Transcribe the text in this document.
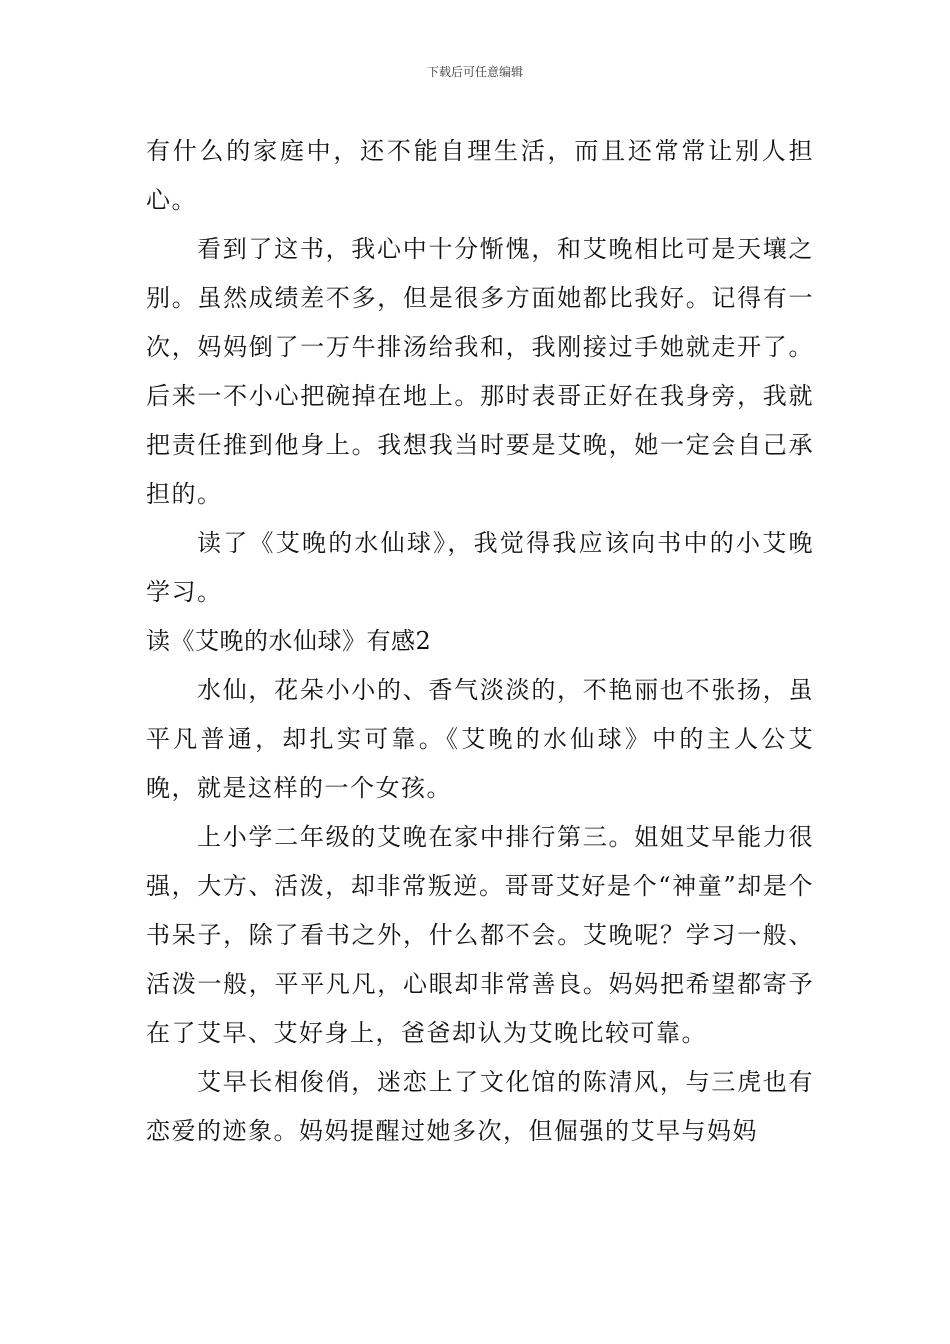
下载后可任意编辑

有什么的家庭中，还不能自理生活，而且还常常让别人担心。

看到了这书，我心中十分惭愧，和艾晚相比可是天壤之别。虽然成绩差不多，但是很多方面她都比我好。记得有一次，妈妈倒了一万牛排汤给我和，我刚接过手她就走开了。后来一不小心把碗掉在地上。那时表哥正好在我身旁，我就把责任推到他身上。我想我当时要是艾晚，她一定会自己承担的。

读了《艾晚的水仙球》，我觉得我应该向书中的小艾晚学习。

读《艾晚的水仙球》有感2

水仙，花朵小小的、香气淡淡的，不艳丽也不张扬，虽平凡普通，却扎实可靠。《艾晚的水仙球》中的主人公艾晚，就是这样的一个女孩。

上小学二年级的艾晚在家中排行第三。姐姐艾早能力很强，大方、活泼，却非常叛逆。哥哥艾好是个“神童”却是个书呆子，除了看书之外，什么都不会。艾晚呢？学习一般、活泼一般，平平凡凡，心眼却非常善良。妈妈把希望都寄予在了艾早、艾好身上，爸爸却认为艾晚比较可靠。

艾早长相俊俏，迷恋上了文化馆的陈清风，与三虎也有恋爱的迹象。妈妈提醒过她多次，但倔强的艾早与妈妈
